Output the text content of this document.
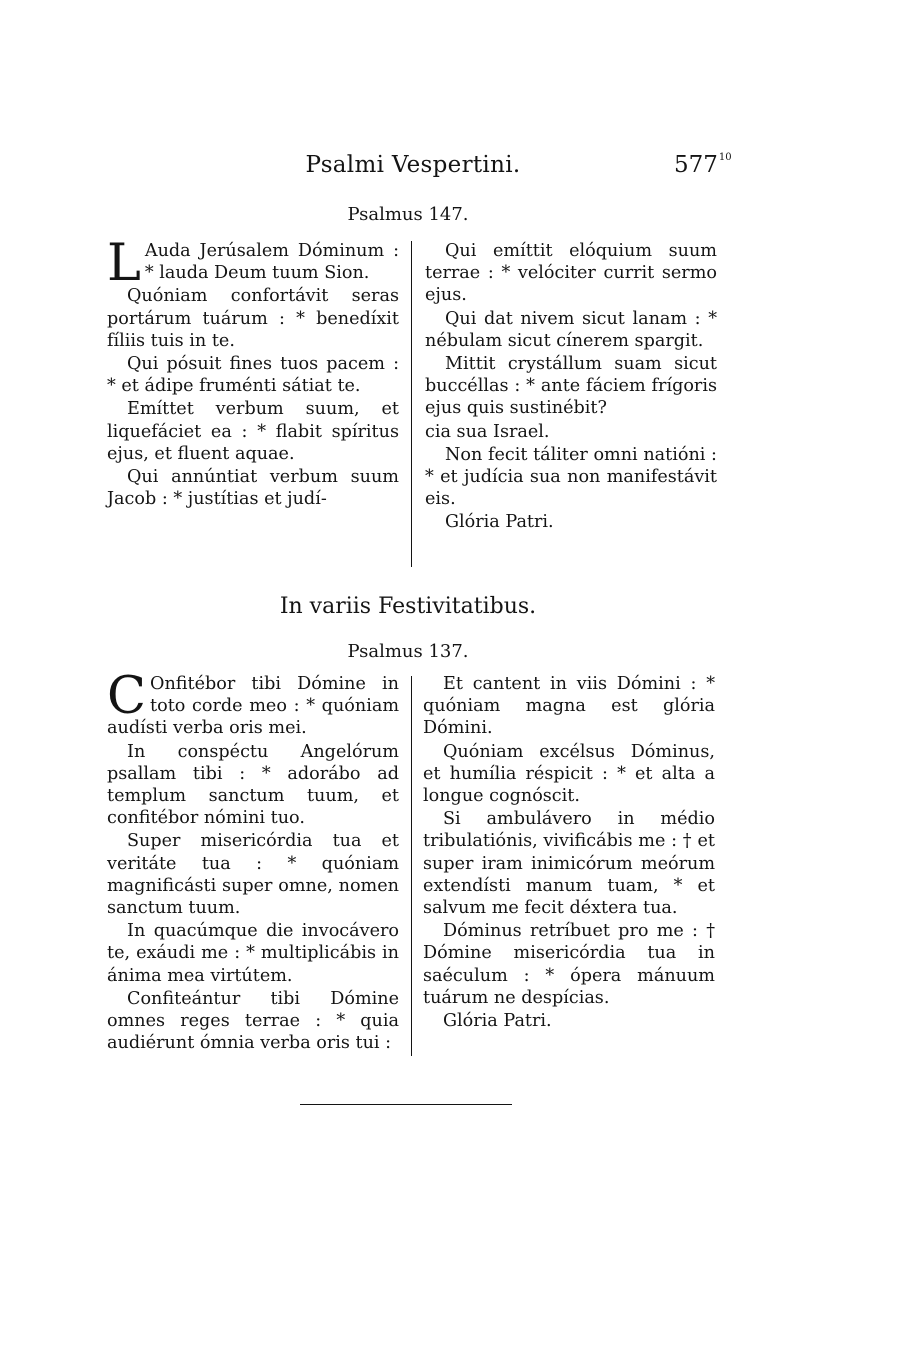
Psalmi Vespertini.	$577^{10}$
Psalmus 147.

L Auda Jerúsalem Dóminum : * lauda Deum tuum Sion.

Quóniam confortávit seras portárum tuárum : * benedíxit fíliis tuis in te.

Qui pósuit fines tuos pacem : * et ádipe fruménti sátiat te.

Emíttet verbum suum, et liquefáciet ea : * flabit spíritus ejus, et fluent aquae.

Qui annúntiat verbum suum Jacob : * justítias et judí-

Qui emíttit elóquium suum terrae : * velóciter currit sermo ejus.

Qui dat nivem sicut lanam : * nébulam sicut cínerem spargit.

Mittit crystállum suam sicut buccéllas : * ante fáciem frígoris ejus quis sustinébit?

cia sua Israel.

Non fecit táliter omni natióni : * et judícia sua non manifestávit eis.

Glória Patri.

In variis Festivitatibus.
Psalmus 137.

C Onfitébor tibi Dómine in toto corde meo : * quóniam audísti verba oris mei.

In conspéctu Angelórum psallam tibi : * adorábo ad templum sanctum tuum, et confitébor nómini tuo.

Super misericórdia tua et veritáte tua : * quóniam magnificásti super omne, nomen sanctum tuum.

In quacúmque die invocávero te, exáudi me : * multiplicábis in ánima mea virtútem.

Confiteántur tibi Dómine omnes reges terrae : * quia audiérunt ómnia verba oris tui :

Et cantent in viis Dómini : * quóniam magna est glória Dómini.

Quóniam excélsus Dóminus, et humília réspicit : * et alta a longue cognóscit.

Si ambulávero in médio tribulatiónis, vivificábis me : † et super iram inimicórum meórum extendísti manum tuam, * et salvum me fecit déxtera tua.

Dóminus retríbuet pro me : † Dómine misericórdia tua in saéculum : * ópera mánuum tuárum ne despícias.

Glória Patri.
